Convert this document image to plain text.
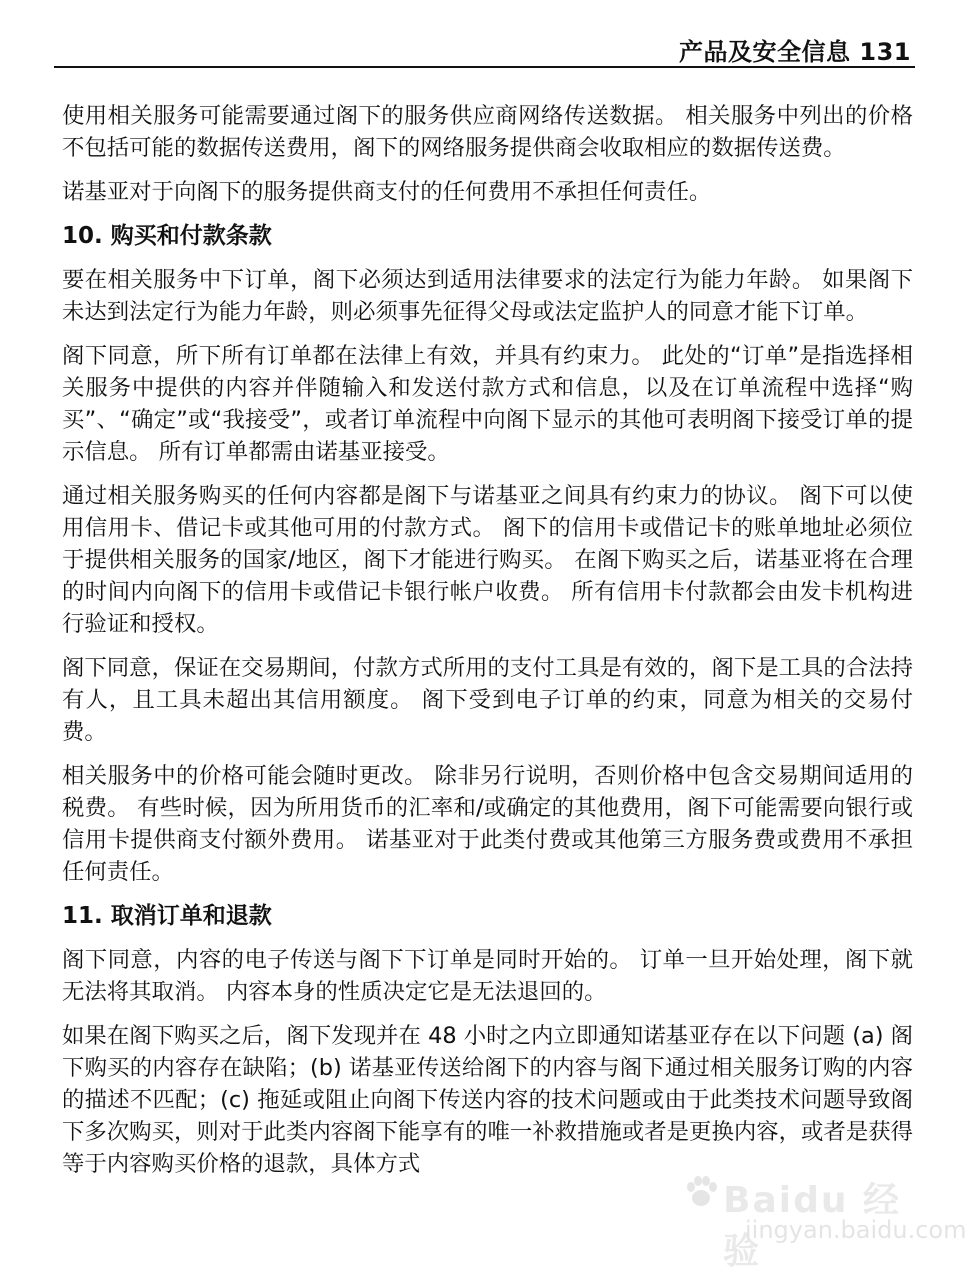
产品及安全信息 131

使用相关服务可能需要通过阁下的服务供应商网络传送数据。 相关服务中列出的价格不包括可能的数据传送费用，阁下的网络服务提供商会收取相应的数据传送费。

诺基亚对于向阁下的服务提供商支付的任何费用不承担任何责任。

10. 购买和付款条款

要在相关服务中下订单，阁下必须达到适用法律要求的法定行为能力年龄。 如果阁下未达到法定行为能力年龄，则必须事先征得父母或法定监护人的同意才能下订单。

阁下同意，所下所有订单都在法律上有效，并具有约束力。 此处的“订单”是指选择相关服务中提供的内容并伴随输入和发送付款方式和信息，以及在订单流程中选择“购买”、“确定”或“我接受”，或者订单流程中向阁下显示的其他可表明阁下接受订单的提示信息。 所有订单都需由诺基亚接受。

通过相关服务购买的任何内容都是阁下与诺基亚之间具有约束力的协议。 阁下可以使用信用卡、借记卡或其他可用的付款方式。 阁下的信用卡或借记卡的账单地址必须位于提供相关服务的国家/地区，阁下才能进行购买。 在阁下购买之后，诺基亚将在合理的时间内向阁下的信用卡或借记卡银行帐户收费。 所有信用卡付款都会由发卡机构进行验证和授权。

阁下同意，保证在交易期间，付款方式所用的支付工具是有效的，阁下是工具的合法持有人，且工具未超出其信用额度。 阁下受到电子订单的约束，同意为相关的交易付费。

相关服务中的价格可能会随时更改。 除非另行说明，否则价格中包含交易期间适用的税费。 有些时候，因为所用货币的汇率和/或确定的其他费用，阁下可能需要向银行或信用卡提供商支付额外费用。 诺基亚对于此类付费或其他第三方服务费或费用不承担任何责任。

11. 取消订单和退款

阁下同意，内容的电子传送与阁下下订单是同时开始的。 订单一旦开始处理，阁下就无法将其取消。 内容本身的性质决定它是无法退回的。

如果在阁下购买之后，阁下发现并在 48 小时之内立即通知诺基亚存在以下问题 (a) 阁下购买的内容存在缺陷；(b) 诺基亚传送给阁下的内容与阁下通过相关服务订购的内容的描述不匹配；(c) 拖延或阻止向阁下传送内容的技术问题或由于此类技术问题导致阁下多次购买，则对于此类内容阁下能享有的唯一补救措施或者是更换内容，或者是获得等于内容购买价格的退款，具体方式

Baidu 经验
jingyan.baidu.com
